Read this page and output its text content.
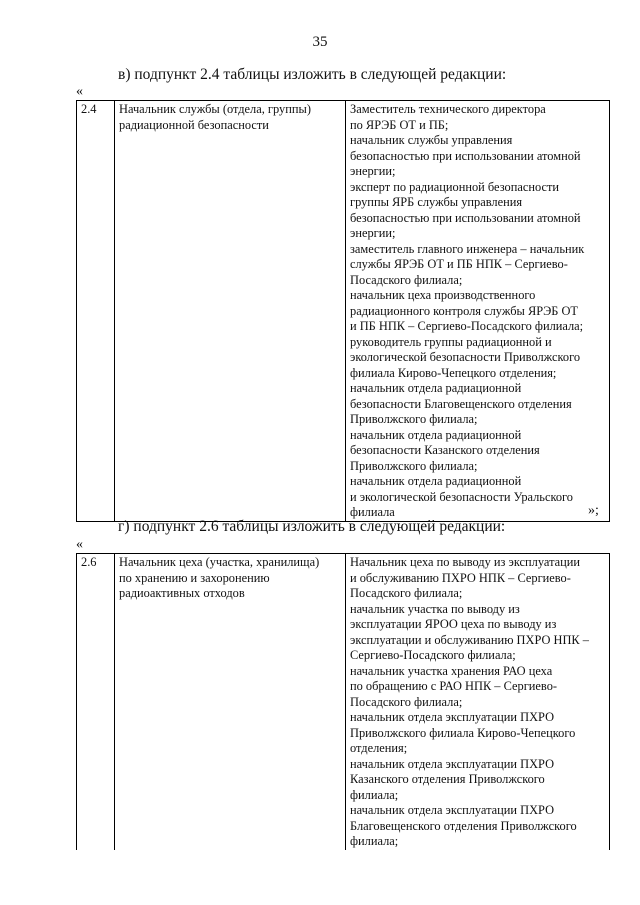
35
в) подпункт 2.4 таблицы изложить в следующей редакции:
«
2.4	Начальник службы (отдела, группы)
радиационной безопасности	Заместитель технического директора
по ЯРЭБ ОТ и ПБ;
начальник службы управления
безопасностью при использовании атомной
энергии;
эксперт по радиационной безопасности
группы ЯРБ службы управления
безопасностью при использовании атомной
энергии;
заместитель главного инженера – начальник
службы ЯРЭБ ОТ и ПБ НПК – Сергиево-
Посадского филиала;
начальник цеха производственного
радиационного контроля службы ЯРЭБ ОТ
и ПБ НПК – Сергиево-Посадского филиала;
руководитель группы радиационной и
экологической безопасности Приволжского
филиала Кирово-Чепецкого отделения;
начальник отдела радиационной
безопасности Благовещенского отделения
Приволжского филиала;
начальник отдела радиационной
безопасности Казанского отделения
Приволжского филиала;
начальник отдела радиационной
и экологической безопасности Уральского
филиала	»;
г) подпункт 2.6 таблицы изложить в следующей редакции:
«
2.6	Начальник цеха (участка, хранилища)
по хранению и захоронению
радиоактивных отходов	Начальник цеха по выводу из эксплуатации
и обслуживанию ПХРО НПК – Сергиево-
Посадского филиала;
начальник участка по выводу из
эксплуатации ЯРОО цеха по выводу из
эксплуатации и обслуживанию ПХРО НПК –
Сергиево-Посадского филиала;
начальник участка хранения РАО цеха
по обращению с РАО НПК – Сергиево-
Посадского филиала;
начальник отдела эксплуатации ПХРО
Приволжского филиала Кирово-Чепецкого
отделения;
начальник отдела эксплуатации ПХРО
Казанского отделения Приволжского
филиала;
начальник отдела эксплуатации ПХРО
Благовещенского отделения Приволжского
филиала;
